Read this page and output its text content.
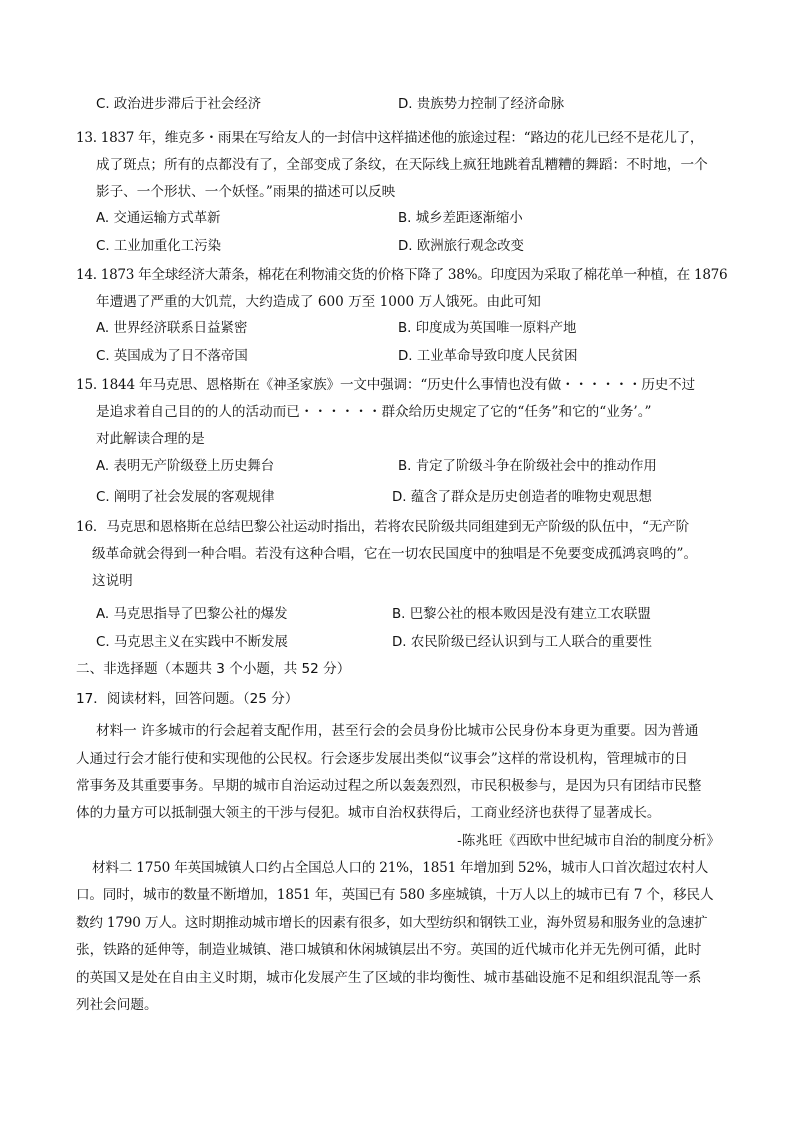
C. 政治进步滞后于社会经济	D. 贵族势力控制了经济命脉
13. 1837 年，维克多・雨果在写给友人的一封信中这样描述他的旅途过程：“路边的花儿已经不是花儿了，
成了斑点；所有的点都没有了，全部变成了条纹，在天际线上疯狂地跳着乱糟糟的舞蹈：不时地，一个
影子、一个形状、一个妖怪。”雨果的描述可以反映
A. 交通运输方式革新	B. 城乡差距逐渐缩小
C. 工业加重化工污染	D. 欧洲旅行观念改变
14. 1873 年全球经济大萧条，棉花在利物浦交货的价格下降了 38%。印度因为采取了棉花单一种植，在 1876
年遭遇了严重的大饥荒，大约造成了 600 万至 1000 万人饿死。由此可知
A. 世界经济联系日益紧密	B. 印度成为英国唯一原料产地
C. 英国成为了日不落帝国	D. 工业革命导致印度人民贫困
15. 1844 年马克思、恩格斯在《神圣家族》一文中强调：“历史什么事情也没有做・・・・・・历史不过
是追求着自己目的的人的活动而已・・・・・・群众给历史规定了它的“任务”和它的“业务’。”
对此解读合理的是
A. 表明无产阶级登上历史舞台	B. 肯定了阶级斗争在阶级社会中的推动作用
C. 阐明了社会发展的客观规律	D. 蕴含了群众是历史创造者的唯物史观思想
16．马克思和恩格斯在总结巴黎公社运动时指出，若将农民阶级共同组建到无产阶级的队伍中，“无产阶
级革命就会得到一种合唱。若没有这种合唱，它在一切农民国度中的独唱是不免要变成孤鸿哀鸣的”。
这说明
A. 马克思指导了巴黎公社的爆发	B. 巴黎公社的根本败因是没有建立工农联盟
C. 马克思主义在实践中不断发展	D. 农民阶级已经认识到与工人联合的重要性
二、非选择题（本题共 3 个小题，共 52 分）
17．阅读材料，回答问题。（25 分）
材料一 许多城市的行会起着支配作用，甚至行会的会员身份比城市公民身份本身更为重要。因为普通
人通过行会才能行使和实现他的公民权。行会逐步发展出类似“议事会”这样的常设机构，管理城市的日
常事务及其重要事务。早期的城市自治运动过程之所以轰轰烈烈，市民积极参与，是因为只有团结市民整
体的力量方可以抵制强大领主的干涉与侵犯。城市自治权获得后，工商业经济也获得了显著成长。
-陈兆旺《西欧中世纪城市自治的制度分析》
材料二 1750 年英国城镇人口约占全国总人口的 21%，1851 年增加到 52%，城市人口首次超过农村人
口。同时，城市的数量不断增加，1851 年，英国已有 580 多座城镇，十万人以上的城市已有 7 个，移民人
数约 1790 万人。这时期推动城市增长的因素有很多，如大型纺织和钢铁工业，海外贸易和服务业的急速扩
张，铁路的延伸等，制造业城镇、港口城镇和休闲城镇层出不穷。英国的近代城市化并无先例可循，此时
的英国又是处在自由主义时期，城市化发展产生了区域的非均衡性、城市基础设施不足和组织混乱等一系
列社会问题。
